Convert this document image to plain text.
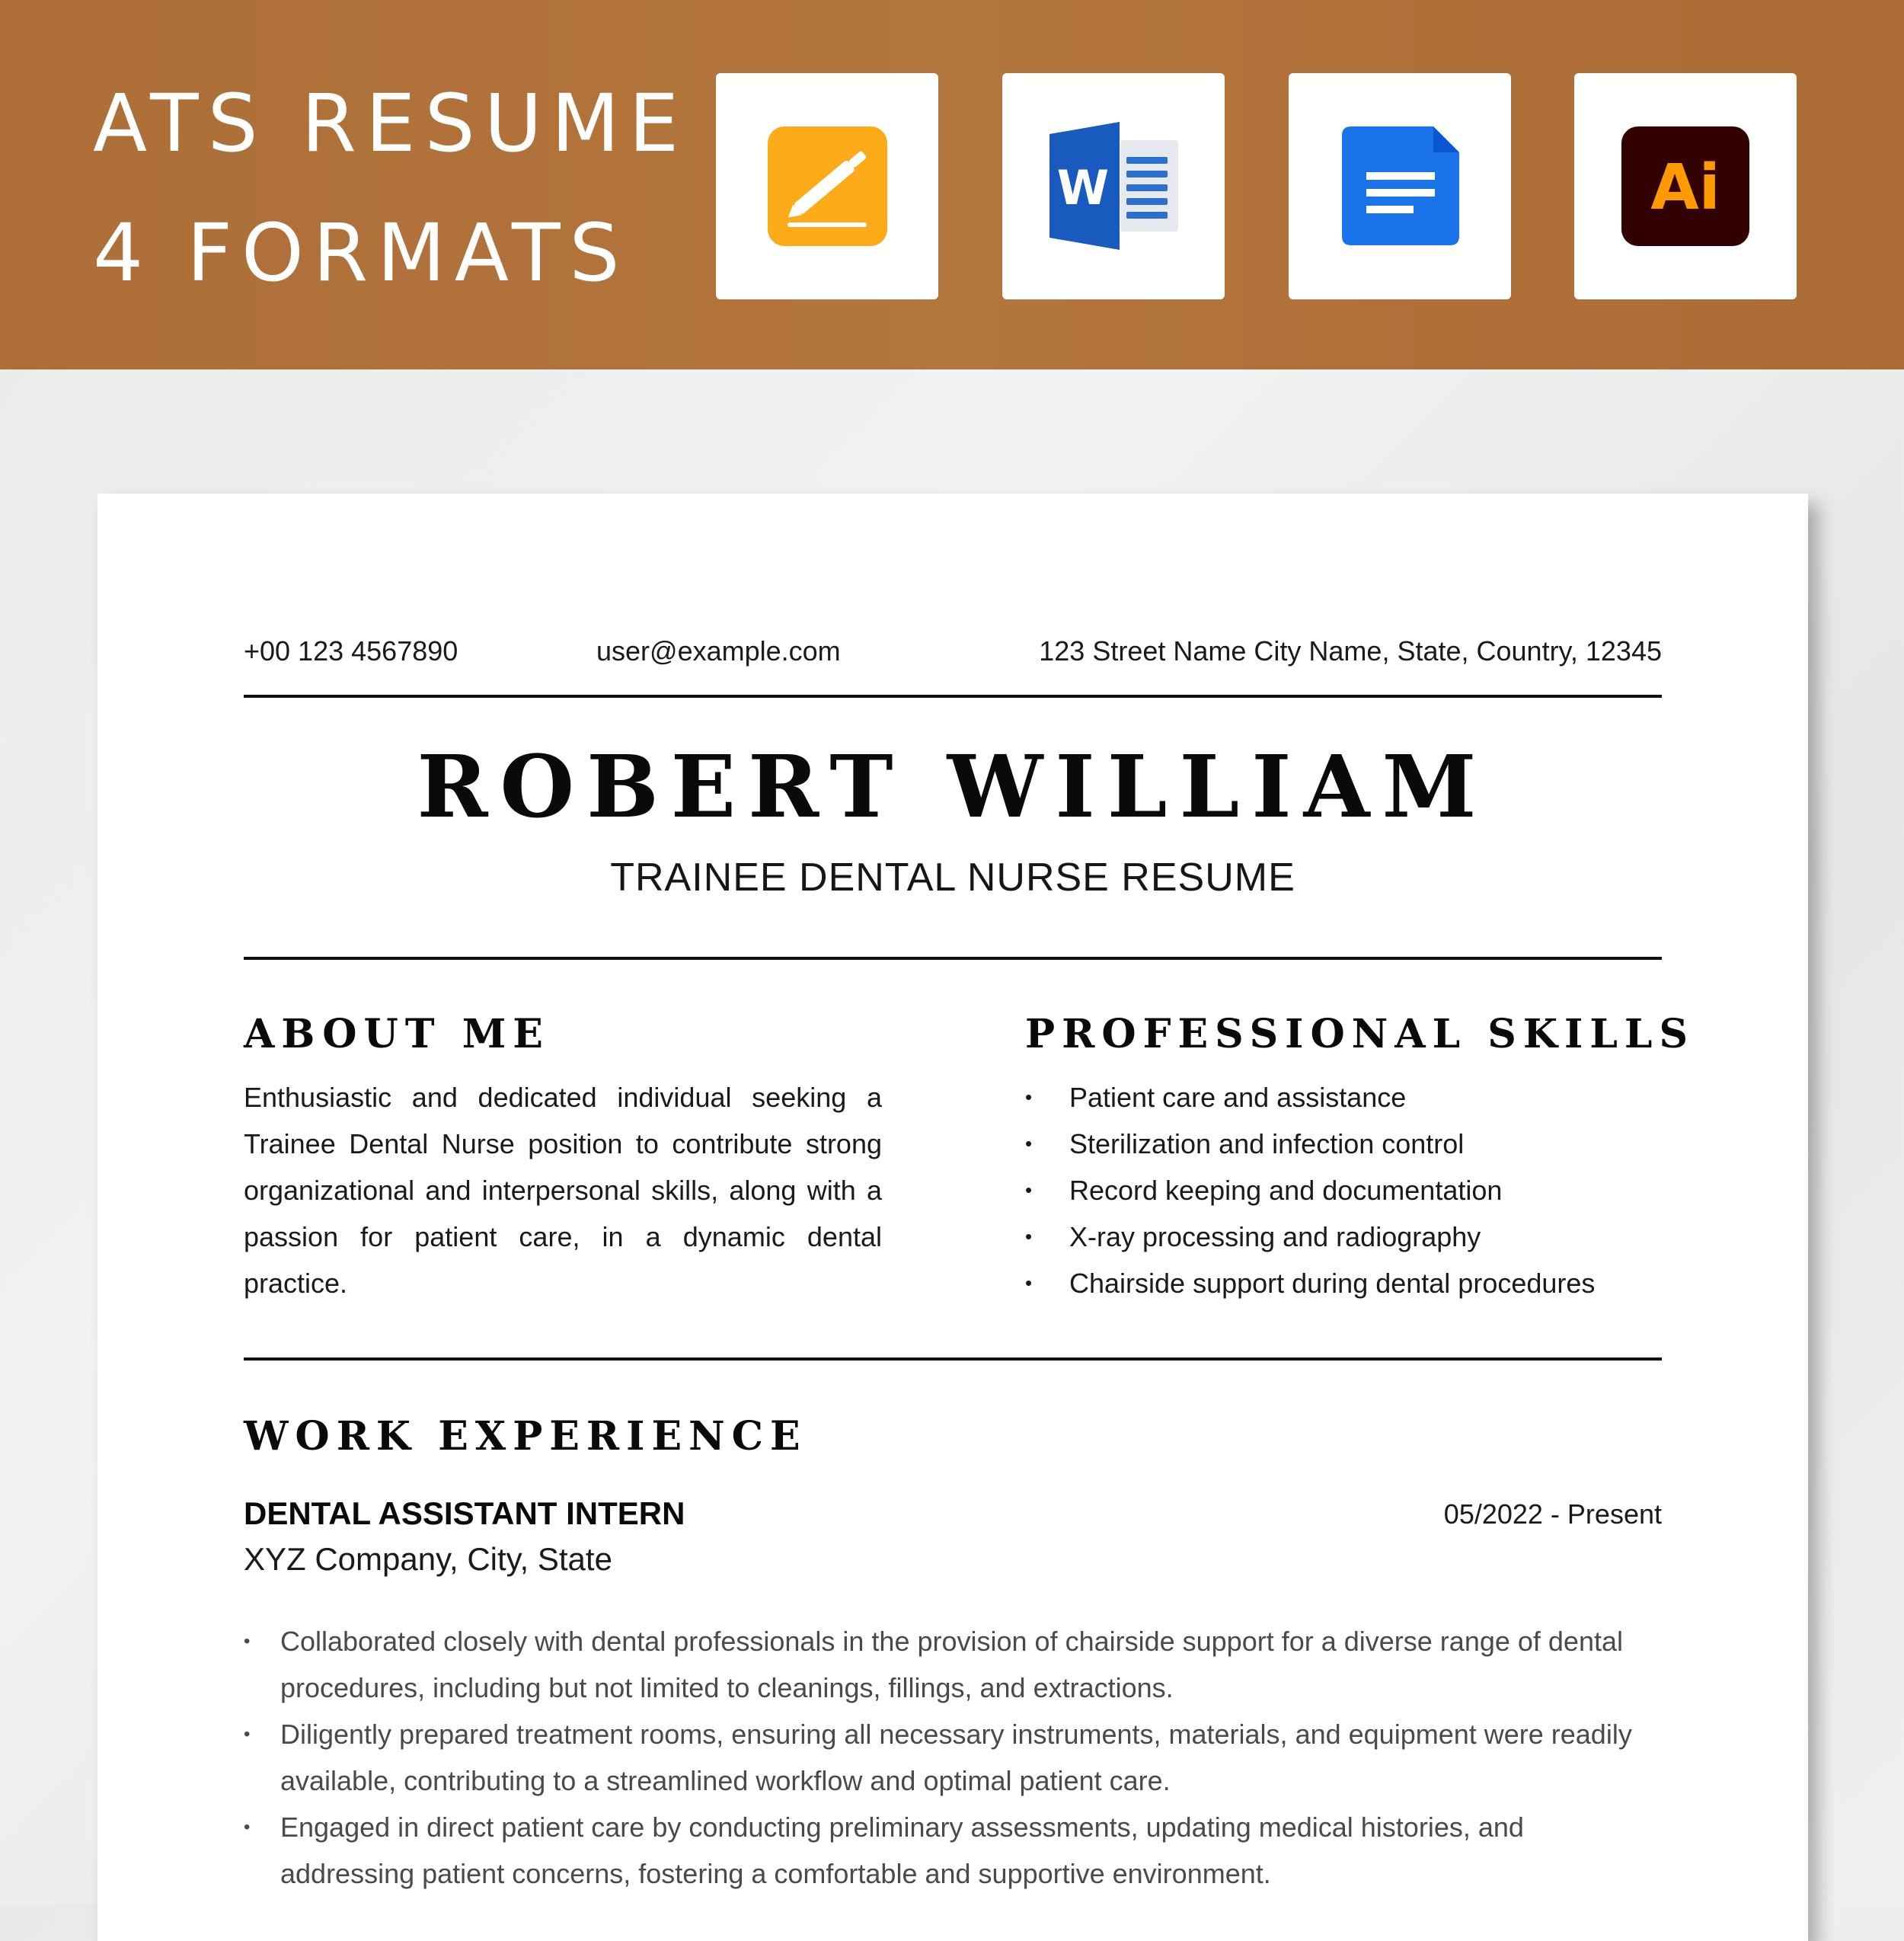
ATS RESUME
4 FORMATS
W	Ai
+00 123 4567890	user@example.com	123 Street Name City Name, State, Country, 12345
ROBERT WILLIAM
TRAINEE DENTAL NURSE RESUME
ABOUT ME
Enthusiastic and dedicated individual seeking a Trainee Dental Nurse position to contribute strong organizational and interpersonal skills, along with a passion for patient care, in a dynamic dental practice.
PROFESSIONAL SKILLS
• Patient care and assistance
• Sterilization and infection control
• Record keeping and documentation
• X-ray processing and radiography
• Chairside support during dental procedures
WORK EXPERIENCE
DENTAL ASSISTANT INTERN	05/2022 - Present
XYZ Company, City, State
• Collaborated closely with dental professionals in the provision of chairside support for a diverse range of dental procedures, including but not limited to cleanings, fillings, and extractions.
• Diligently prepared treatment rooms, ensuring all necessary instruments, materials, and equipment were readily available, contributing to a streamlined workflow and optimal patient care.
• Engaged in direct patient care by conducting preliminary assessments, updating medical histories, and addressing patient concerns, fostering a comfortable and supportive environment.
